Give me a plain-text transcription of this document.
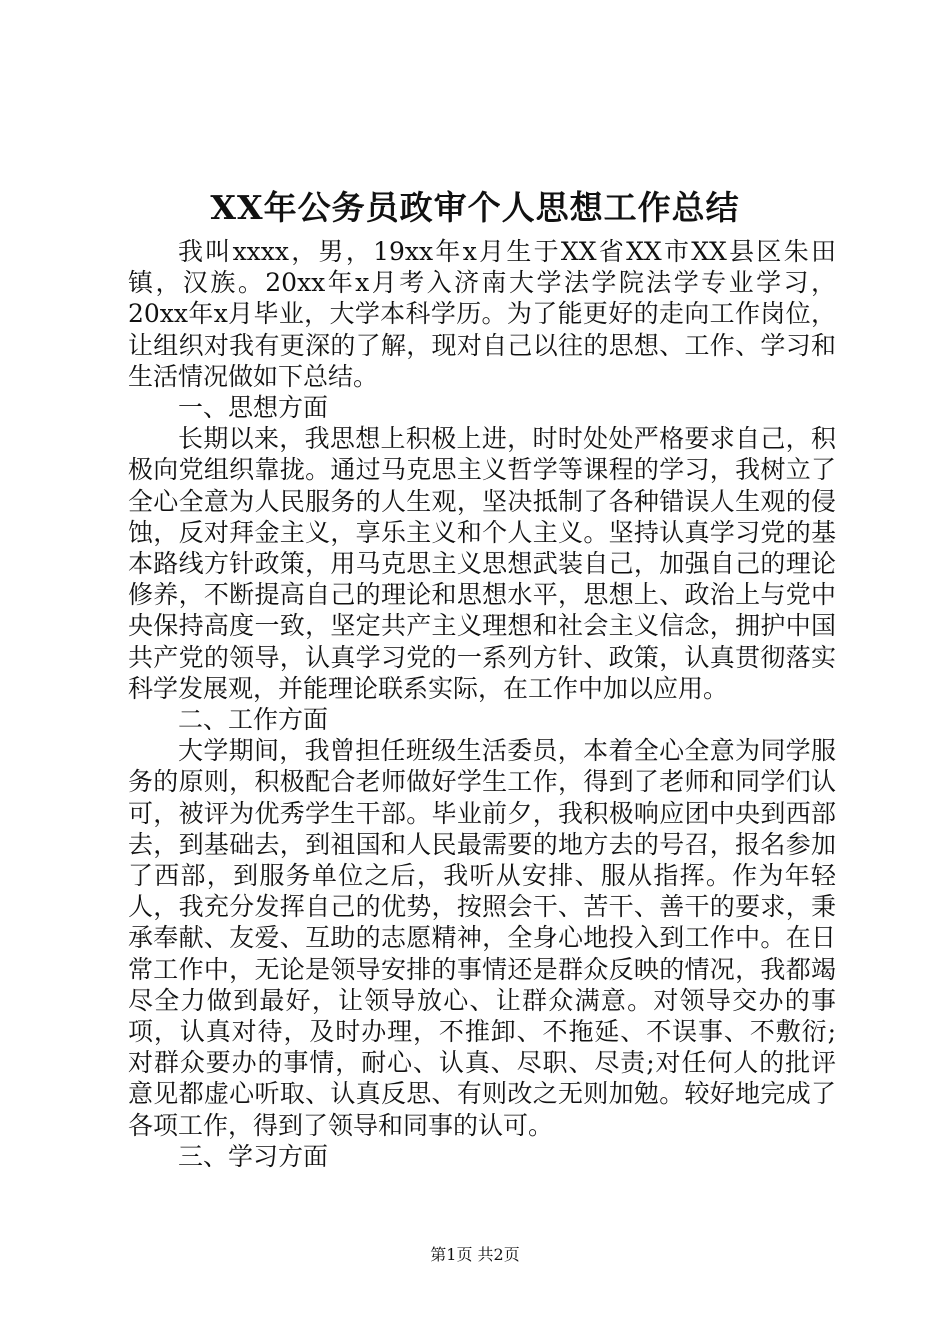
XX年公务员政审个人思想工作总结

我叫xxxx，男，19xx年x月生于XX省XX市XX县区朱田镇，汉族。20xx年x月考入济南大学法学院法学专业学习，20xx年x月毕业，大学本科学历。为了能更好的走向工作岗位，让组织对我有更深的了解，现对自己以往的思想、工作、学习和生活情况做如下总结。

一、思想方面

长期以来，我思想上积极上进，时时处处严格要求自己，积极向党组织靠拢。通过马克思主义哲学等课程的学习，我树立了全心全意为人民服务的人生观，坚决抵制了各种错误人生观的侵蚀，反对拜金主义，享乐主义和个人主义。坚持认真学习党的基本路线方针政策，用马克思主义思想武装自己，加强自己的理论修养，不断提高自己的理论和思想水平，思想上、政治上与党中央保持高度一致，坚定共产主义理想和社会主义信念，拥护中国共产党的领导，认真学习党的一系列方针、政策，认真贯彻落实科学发展观，并能理论联系实际，在工作中加以应用。

二、工作方面

大学期间，我曾担任班级生活委员，本着全心全意为同学服务的原则，积极配合老师做好学生工作，得到了老师和同学们认可，被评为优秀学生干部。毕业前夕，我积极响应团中央到西部去，到基础去，到祖国和人民最需要的地方去的号召，报名参加了西部，到服务单位之后，我听从安排、服从指挥。作为年轻人，我充分发挥自己的优势，按照会干、苦干、善干的要求，秉承奉献、友爱、互助的志愿精神，全身心地投入到工作中。在日常工作中，无论是领导安排的事情还是群众反映的情况，我都竭尽全力做到最好，让领导放心、让群众满意。对领导交办的事项，认真对待，及时办理，不推卸、不拖延、不误事、不敷衍;对群众要办的事情，耐心、认真、尽职、尽责;对任何人的批评意见都虚心听取、认真反思、有则改之无则加勉。较好地完成了各项工作，得到了领导和同事的认可。

三、学习方面

第1页 共2页
